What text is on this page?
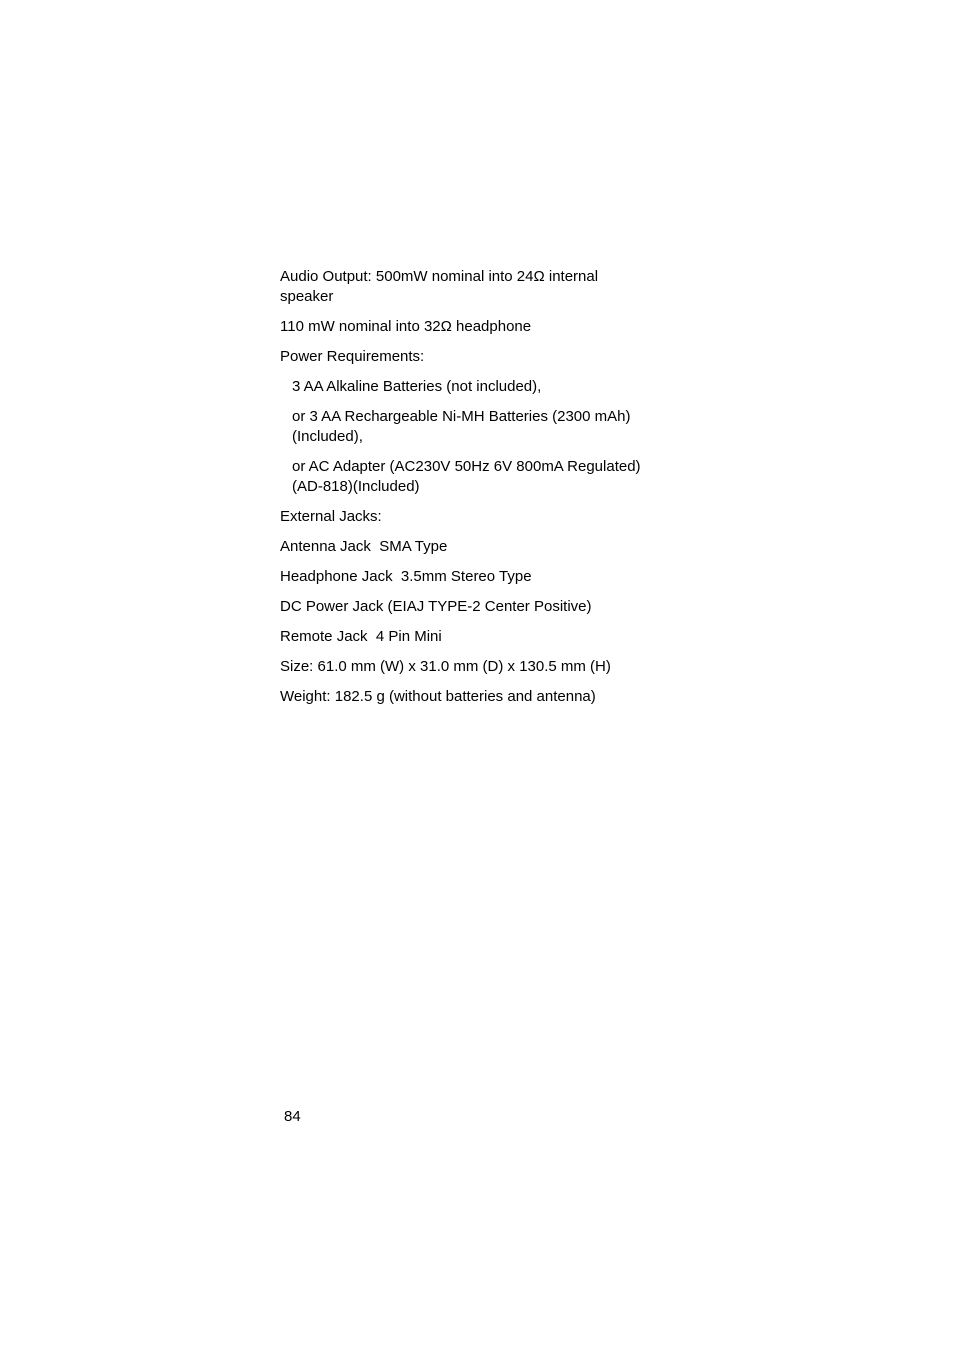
Audio Output: 500mW nominal into 24Ω internal speaker

110 mW nominal into 32Ω headphone

Power Requirements:

3 AA Alkaline Batteries (not included),

or 3 AA Rechargeable Ni-MH Batteries (2300 mAh)(Included),

or AC Adapter (AC230V 50Hz 6V 800mA Regulated)(AD-818)(Included)

External Jacks:

Antenna Jack  SMA Type

Headphone Jack  3.5mm Stereo Type

DC Power Jack (EIAJ TYPE-2 Center Positive)

Remote Jack  4 Pin Mini

Size: 61.0 mm (W) x 31.0 mm (D) x 130.5 mm (H)

Weight: 182.5 g (without batteries and antenna)

84
